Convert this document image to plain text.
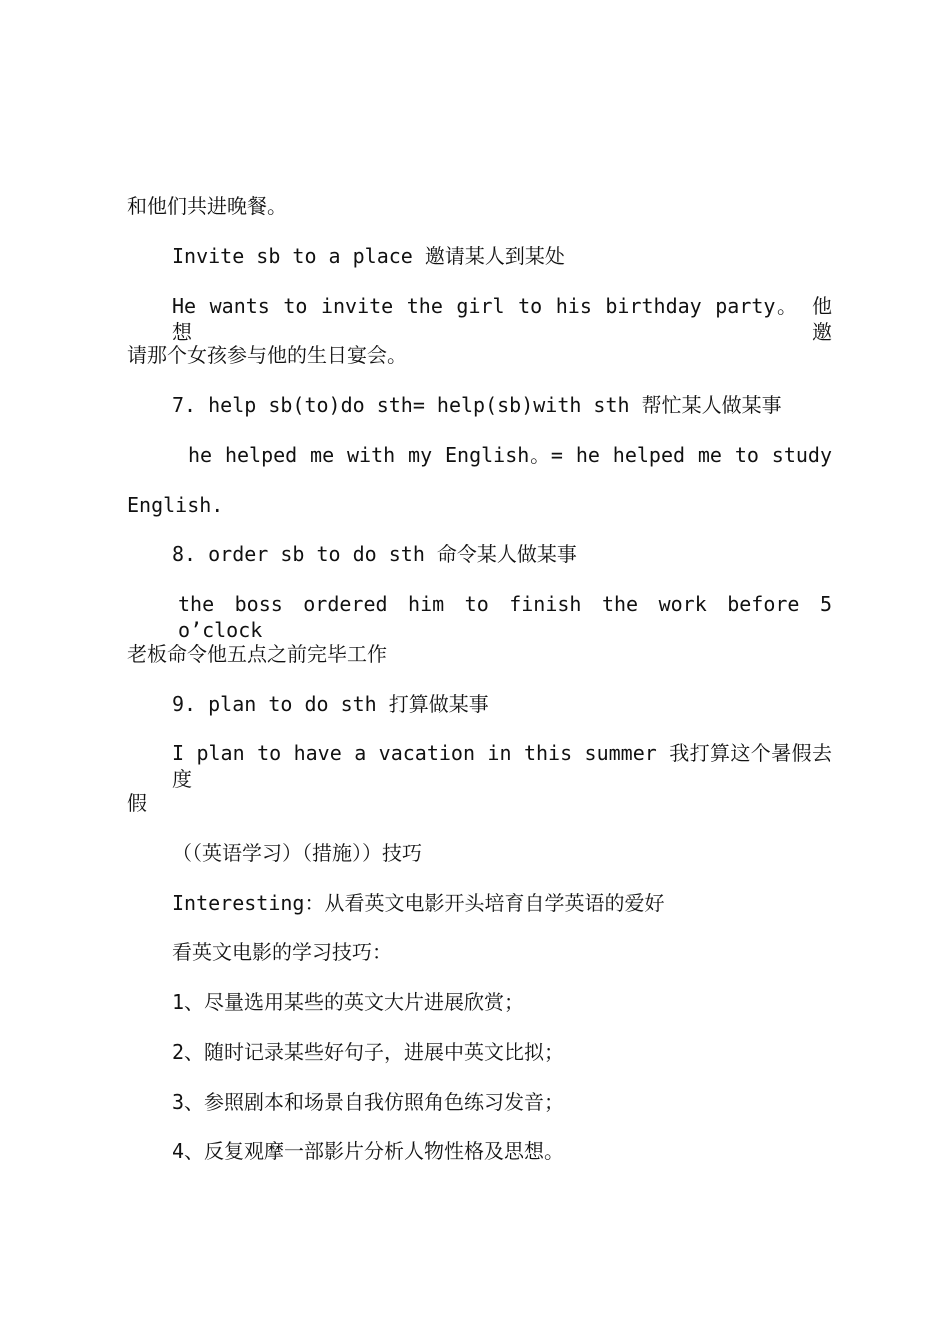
和他们共进晚餐。
Invite sb to a place 邀请某人到某处
He wants to invite the girl to his birthday party。 他想邀
请那个女孩参与他的生日宴会。
7. help sb(to)do sth= help(sb)with sth 帮忙某人做某事
he helped me with my English。= he helped me to study
English.
8. order sb to do sth 命令某人做某事
the boss ordered him to finish the work before 5 o’clock
老板命令他五点之前完毕工作
9. plan to do sth 打算做某事
I plan to have a vacation in this summer 我打算这个暑假去度
假
（（英语学习）（措施））技巧
Interesting：从看英文电影开头培育自学英语的爱好
看英文电影的学习技巧：
1、尽量选用某些的英文大片进展欣赏；
2、随时记录某些好句子，进展中英文比拟；
3、参照剧本和场景自我仿照角色练习发音；
4、反复观摩一部影片分析人物性格及思想。
